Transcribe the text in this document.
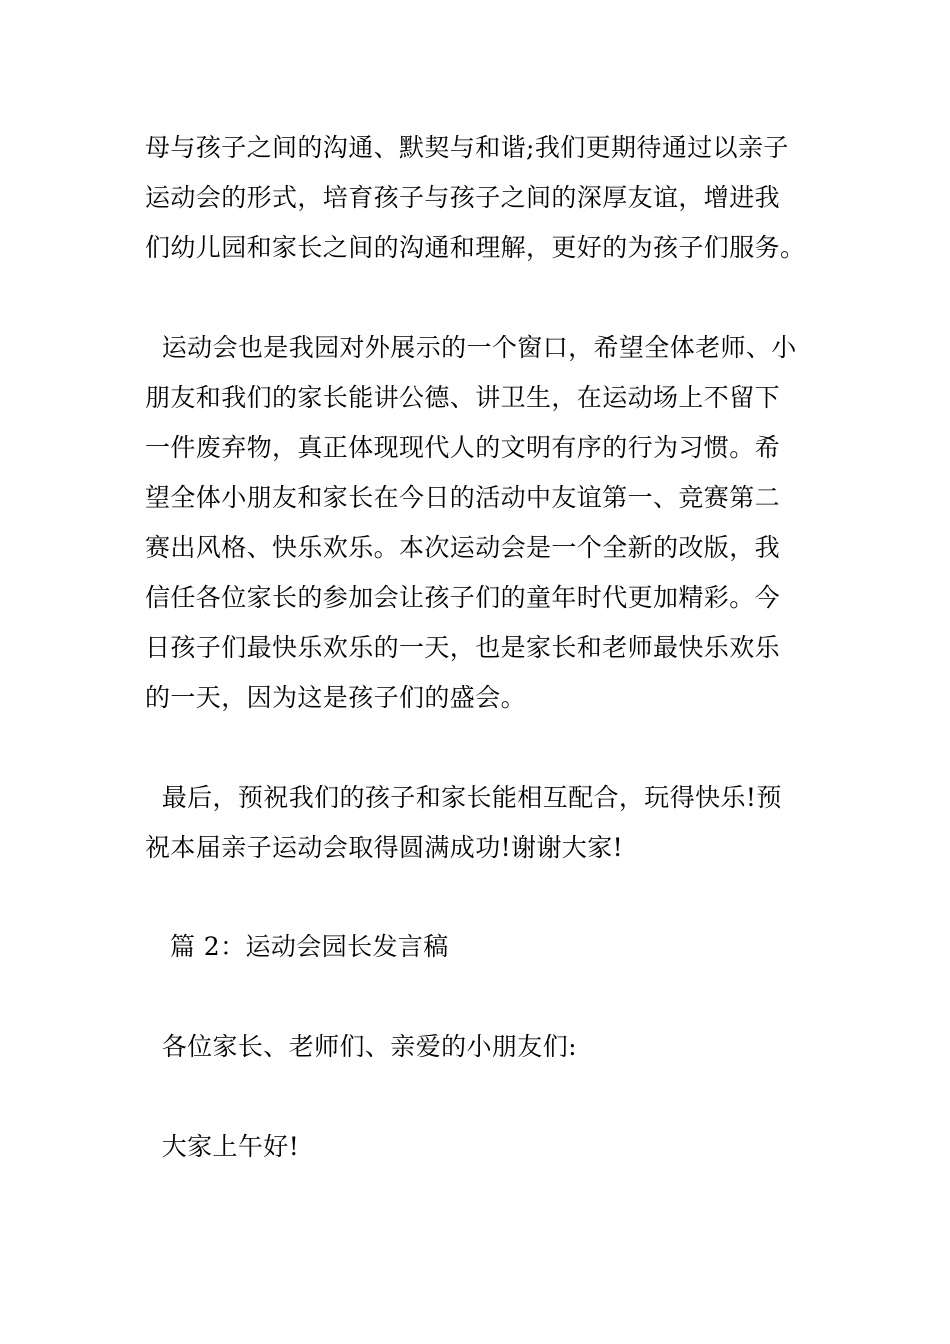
母与孩子之间的沟通、默契与和谐;我们更期待通过以亲子
运动会的形式，培育孩子与孩子之间的深厚友谊，增进我
们幼儿园和家长之间的沟通和理解，更好的为孩子们服务。
运动会也是我园对外展示的一个窗口，希望全体老师、小
朋友和我们的家长能讲公德、讲卫生，在运动场上不留下
一件废弃物，真正体现现代人的文明有序的行为习惯。希
望全体小朋友和家长在今日的活动中友谊第一、竞赛第二
赛出风格、快乐欢乐。本次运动会是一个全新的改版，我
信任各位家长的参加会让孩子们的童年时代更加精彩。今
日孩子们最快乐欢乐的一天，也是家长和老师最快乐欢乐
的一天，因为这是孩子们的盛会。
最后，预祝我们的孩子和家长能相互配合，玩得快乐!预
祝本届亲子运动会取得圆满成功!谢谢大家!
篇 2：运动会园长发言稿
各位家长、老师们、亲爱的小朋友们:
大家上午好!
